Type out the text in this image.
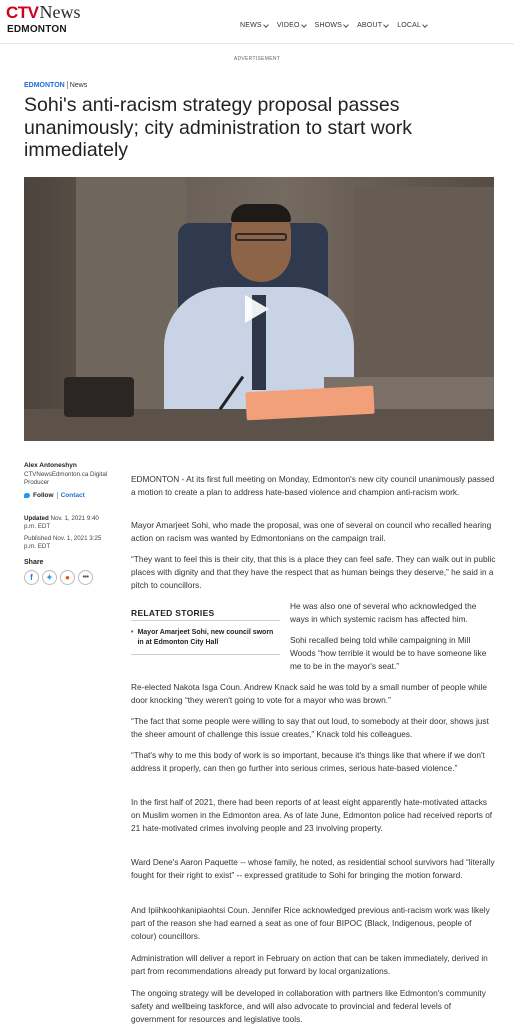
CTV News
EDMONTON	NEWS VIDEO SHOWS ABOUT LOCAL
ADVERTISEMENT
EDMONTON News
Sohi's anti-racism strategy proposal passes unanimously; city administration to start work immediately
Alex Antoneshyn
CTVNewsEdmonton.ca Digital Producer
Follow Contact
Updated Nov. 1, 2021 9:40 p.m. EDT
Published Nov. 1, 2021 3:25 p.m. EDT
Share
f	✦	●	•••

EDMONTON - At its first full meeting on Monday, Edmonton's new city council unanimously passed a motion to create a plan to address hate-based violence and champion anti-racism work.

Mayor Amarjeet Sohi, who made the proposal, was one of several on council who recalled hearing action on racism was wanted by Edmontonians on the campaign trail.

“They want to feel this is their city, that this is a place they can feel safe. They can walk out in public places with dignity and that they have the respect that as human beings they deserve,” he said in a pitch to councillors.

RELATED STORIES
• Mayor Amarjeet Sohi, new council sworn in at Edmonton City Hall

He was also one of several who acknowledged the ways in which systemic racism has affected him.

Sohi recalled being told while campaigning in Mill Woods “how terrible it would be to have someone like me to be in the mayor's seat.”

Re-elected Nakota Isga Coun. Andrew Knack said he was told by a small number of people while door knocking “they weren't going to vote for a mayor who was brown.”

“The fact that some people were willing to say that out loud, to somebody at their door, shows just the sheer amount of challenge this issue creates,” Knack told his colleagues.

“That's why to me this body of work is so important, because it's things like that where if we don't address it properly, can then go further into serious crimes, serious hate-based violence.”

In the first half of 2021, there had been reports of at least eight apparently hate-motivated attacks on Muslim women in the Edmonton area. As of late June, Edmonton police had received reports of 21 hate-motivated crimes involving people and 23 involving property.

Ward Dene's Aaron Paquette -- whose family, he noted, as residential school survivors had “literally fought for their right to exist” -- expressed gratitude to Sohi for bringing the motion forward.

And Ipiihkoohkanipiaohtsi Coun. Jennifer Rice acknowledged previous anti-racism work was likely part of the reason she had earned a seat as one of four BIPOC (Black, Indigenous, people of colour) councillors.

Administration will deliver a report in February on action that can be taken immediately, derived in part from recommendations already put forward by local organizations.

The ongoing strategy will be developed in collaboration with partners like Edmonton's community safety and wellbeing taskforce, and will also advocate to provincial and federal levels of government for resources and legislative tools.
